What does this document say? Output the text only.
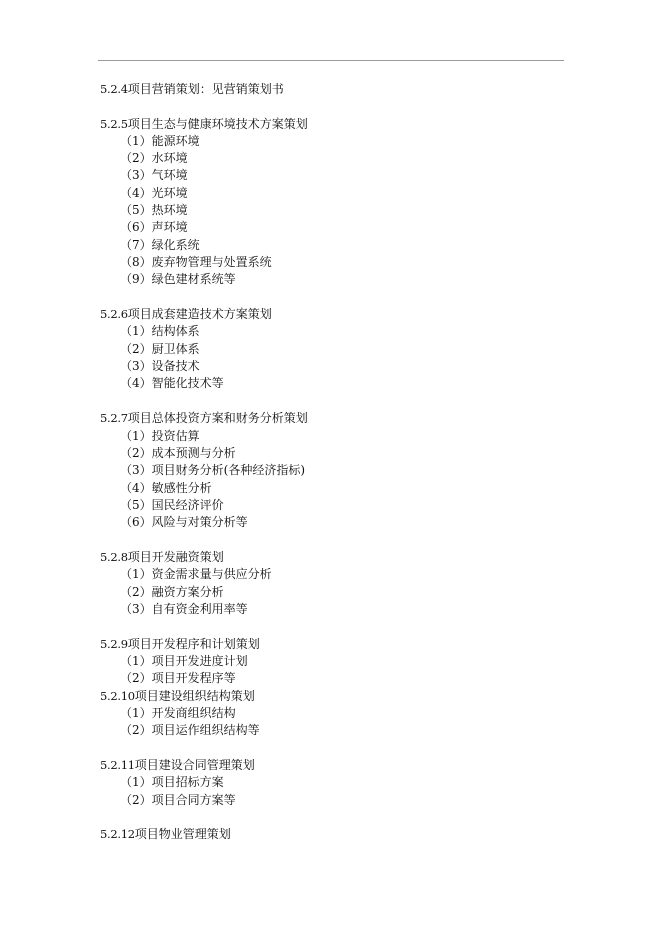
5.2.4项目营销策划：见营销策划书
5.2.5项目生态与健康环境技术方案策划
（1）能源环境
（2）水环境
（3）气环境
（4）光环境
（5）热环境
（6）声环境
（7）绿化系统
（8）废弃物管理与处置系统
（9）绿色建材系统等
5.2.6项目成套建造技术方案策划
（1）结构体系
（2）厨卫体系
（3）设备技术
（4）智能化技术等
5.2.7项目总体投资方案和财务分析策划
（1）投资估算
（2）成本预测与分析
（3）项目财务分析(各种经济指标)
（4）敏感性分析
（5）国民经济评价
（6）风险与对策分析等
5.2.8项目开发融资策划
（1）资金需求量与供应分析
（2）融资方案分析
（3）自有资金利用率等
5.2.9项目开发程序和计划策划
（1）项目开发进度计划
（2）项目开发程序等
5.2.10项目建设组织结构策划
（1）开发商组织结构
（2）项目运作组织结构等
5.2.11项目建设合同管理策划
（1）项目招标方案
（2）项目合同方案等
5.2.12项目物业管理策划
